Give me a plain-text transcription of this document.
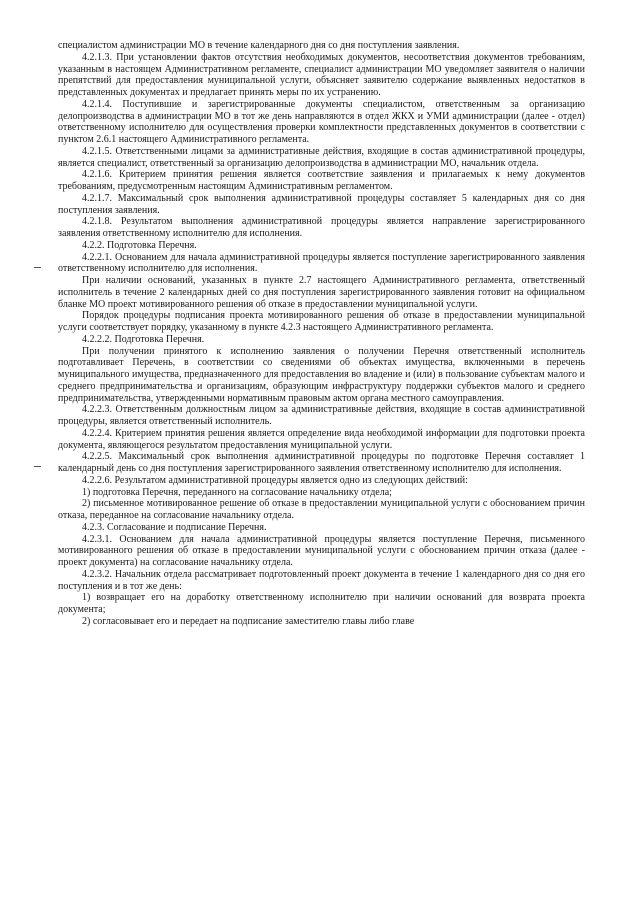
специалистом администрации МО в течение календарного дня со дня поступления заявления.

4.2.1.3. При установлении фактов отсутствия необходимых документов, несоответствия документов требованиям, указанным в настоящем Административном регламенте, специалист администрации МО уведомляет заявителя о наличии препятствий для предоставления муниципальной услуги, объясняет заявителю содержание выявленных недостатков в представленных документах и предлагает принять меры по их устранению.

4.2.1.4. Поступившие и зарегистрированные документы специалистом, ответственным за организацию делопроизводства в администрации МО в тот же день направляются в отдел ЖКХ и УМИ администрации (далее - отдел) ответственному исполнителю для осуществления проверки комплектности представленных документов в соответствии с пунктом 2.6.1 настоящего Административного регламента.

4.2.1.5. Ответственными лицами за административные действия, входящие в состав административной процедуры, является специалист, ответственный за организацию делопроизводства в администрации МО, начальник отдела.

4.2.1.6. Критерием принятия решения является соответствие заявления и прилагаемых к нему документов требованиям, предусмотренным настоящим Административным регламентом.

4.2.1.7. Максимальный срок выполнения административной процедуры составляет 5 календарных дня со дня поступления заявления.

4.2.1.8. Результатом выполнения административной процедуры является направление зарегистрированного заявления ответственному исполнителю для исполнения.

4.2.2. Подготовка Перечня.

4.2.2.1. Основанием для начала административной процедуры является поступление зарегистрированного заявления ответственному исполнителю для исполнения.

При наличии оснований, указанных в пункте 2.7 настоящего Административного регламента, ответственный исполнитель в течение 2 календарных дней со дня поступления зарегистрированного заявления готовит на официальном бланке МО проект мотивированного решения об отказе в предоставлении муниципальной услуги.

Порядок процедуры подписания проекта мотивированного решения об отказе в предоставлении муниципальной услуги соответствует порядку, указанному в пункте 4.2.3 настоящего Административного регламента.

4.2.2.2. Подготовка Перечня.

При получении принятого к исполнению заявления о получении Перечня ответственный исполнитель подготавливает Перечень, в соответствии со сведениями об объектах имущества, включенными в перечень муниципального имущества, предназначенного для предоставления во владение и (или) в пользование субъектам малого и среднего предпринимательства и организациям, образующим инфраструктуру поддержки субъектов малого и среднего предпринимательства, утвержденными нормативным правовым актом органа местного самоуправления.

4.2.2.3. Ответственным должностным лицом за административные действия, входящие в состав административной процедуры, является ответственный исполнитель.

4.2.2.4. Критерием принятия решения является определение вида необходимой информации для подготовки проекта документа, являющегося результатом предоставления муниципальной услуги.

4.2.2.5. Максимальный срок выполнения административной процедуры по подготовке Перечня составляет 1 календарный день со дня поступления зарегистрированного заявления ответственному исполнителю для исполнения.

4.2.2.6. Результатом административной процедуры является одно из следующих действий:

1) подготовка Перечня, переданного на согласование начальнику отдела;

2) письменное мотивированное решение об отказе в предоставлении муниципальной услуги с обоснованием причин отказа, переданное на согласование начальнику отдела.

4.2.3. Согласование и подписание Перечня.

4.2.3.1. Основанием для начала административной процедуры является поступление Перечня, письменного мотивированного решения об отказе в предоставлении муниципальной услуги с обоснованием причин отказа (далее - проект документа) на согласование начальнику отдела.

4.2.3.2. Начальник отдела рассматривает подготовленный проект документа в течение 1 календарного дня со дня его поступления и в тот же день:

1) возвращает его на доработку ответственному исполнителю при наличии оснований для возврата проекта документа;

2) согласовывает его и передает на подписание заместителю главы либо главе
